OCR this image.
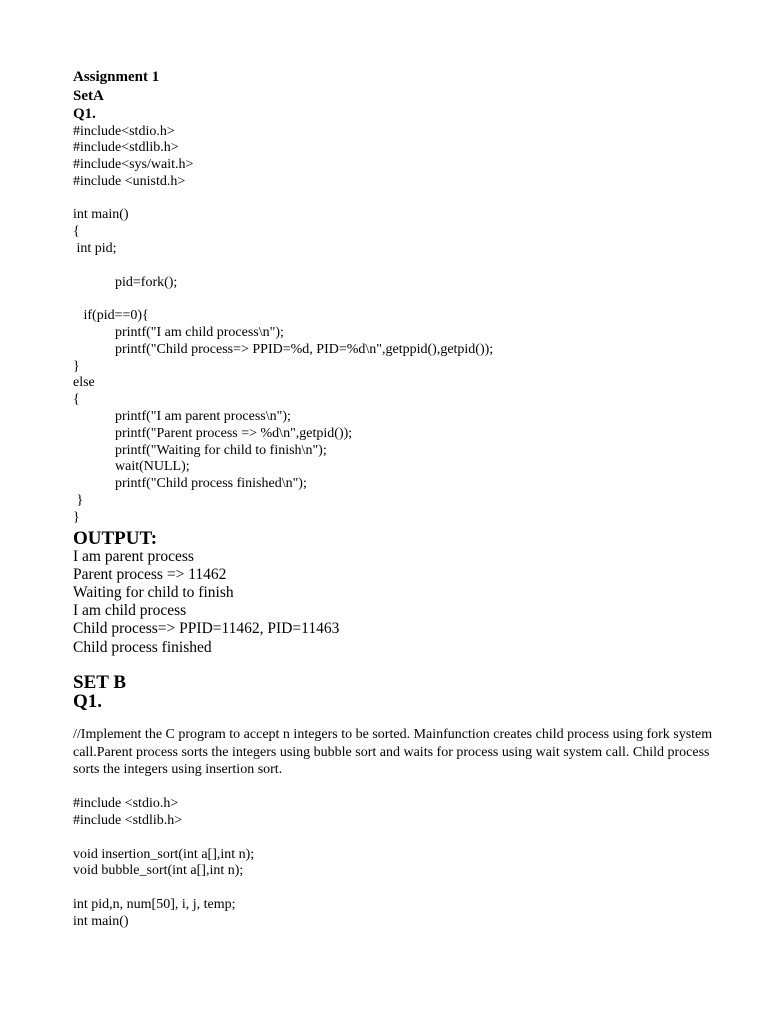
Assignment 1
SetA
Q1.
#include<stdio.h>
#include<stdlib.h>
#include<sys/wait.h>
#include <unistd.h>
int main()
{
int pid;
pid=fork();
if(pid==0){
printf("I am child process\n");
printf("Child process=> PPID=%d, PID=%d\n",getppid(),getpid());
}
else
{
printf("I am parent process\n");
printf("Parent process => %d\n",getpid());
printf("Waiting for child to finish\n");
wait(NULL);
printf("Child process finished\n");
}
}
OUTPUT:
I am parent process
Parent process => 11462
Waiting for child to finish
I am child process
Child process=> PPID=11462, PID=11463
Child process finished
SET B
Q1.
//Implement the C program to accept n integers to be sorted. Mainfunction creates child process using fork system call.Parent process sorts the integers using bubble sort and waits for process using wait system call. Child process sorts the integers using insertion sort.
#include <stdio.h>
#include <stdlib.h>
void insertion_sort(int a[],int n);
void bubble_sort(int a[],int n);
int pid,n, num[50], i, j, temp;
int main()
